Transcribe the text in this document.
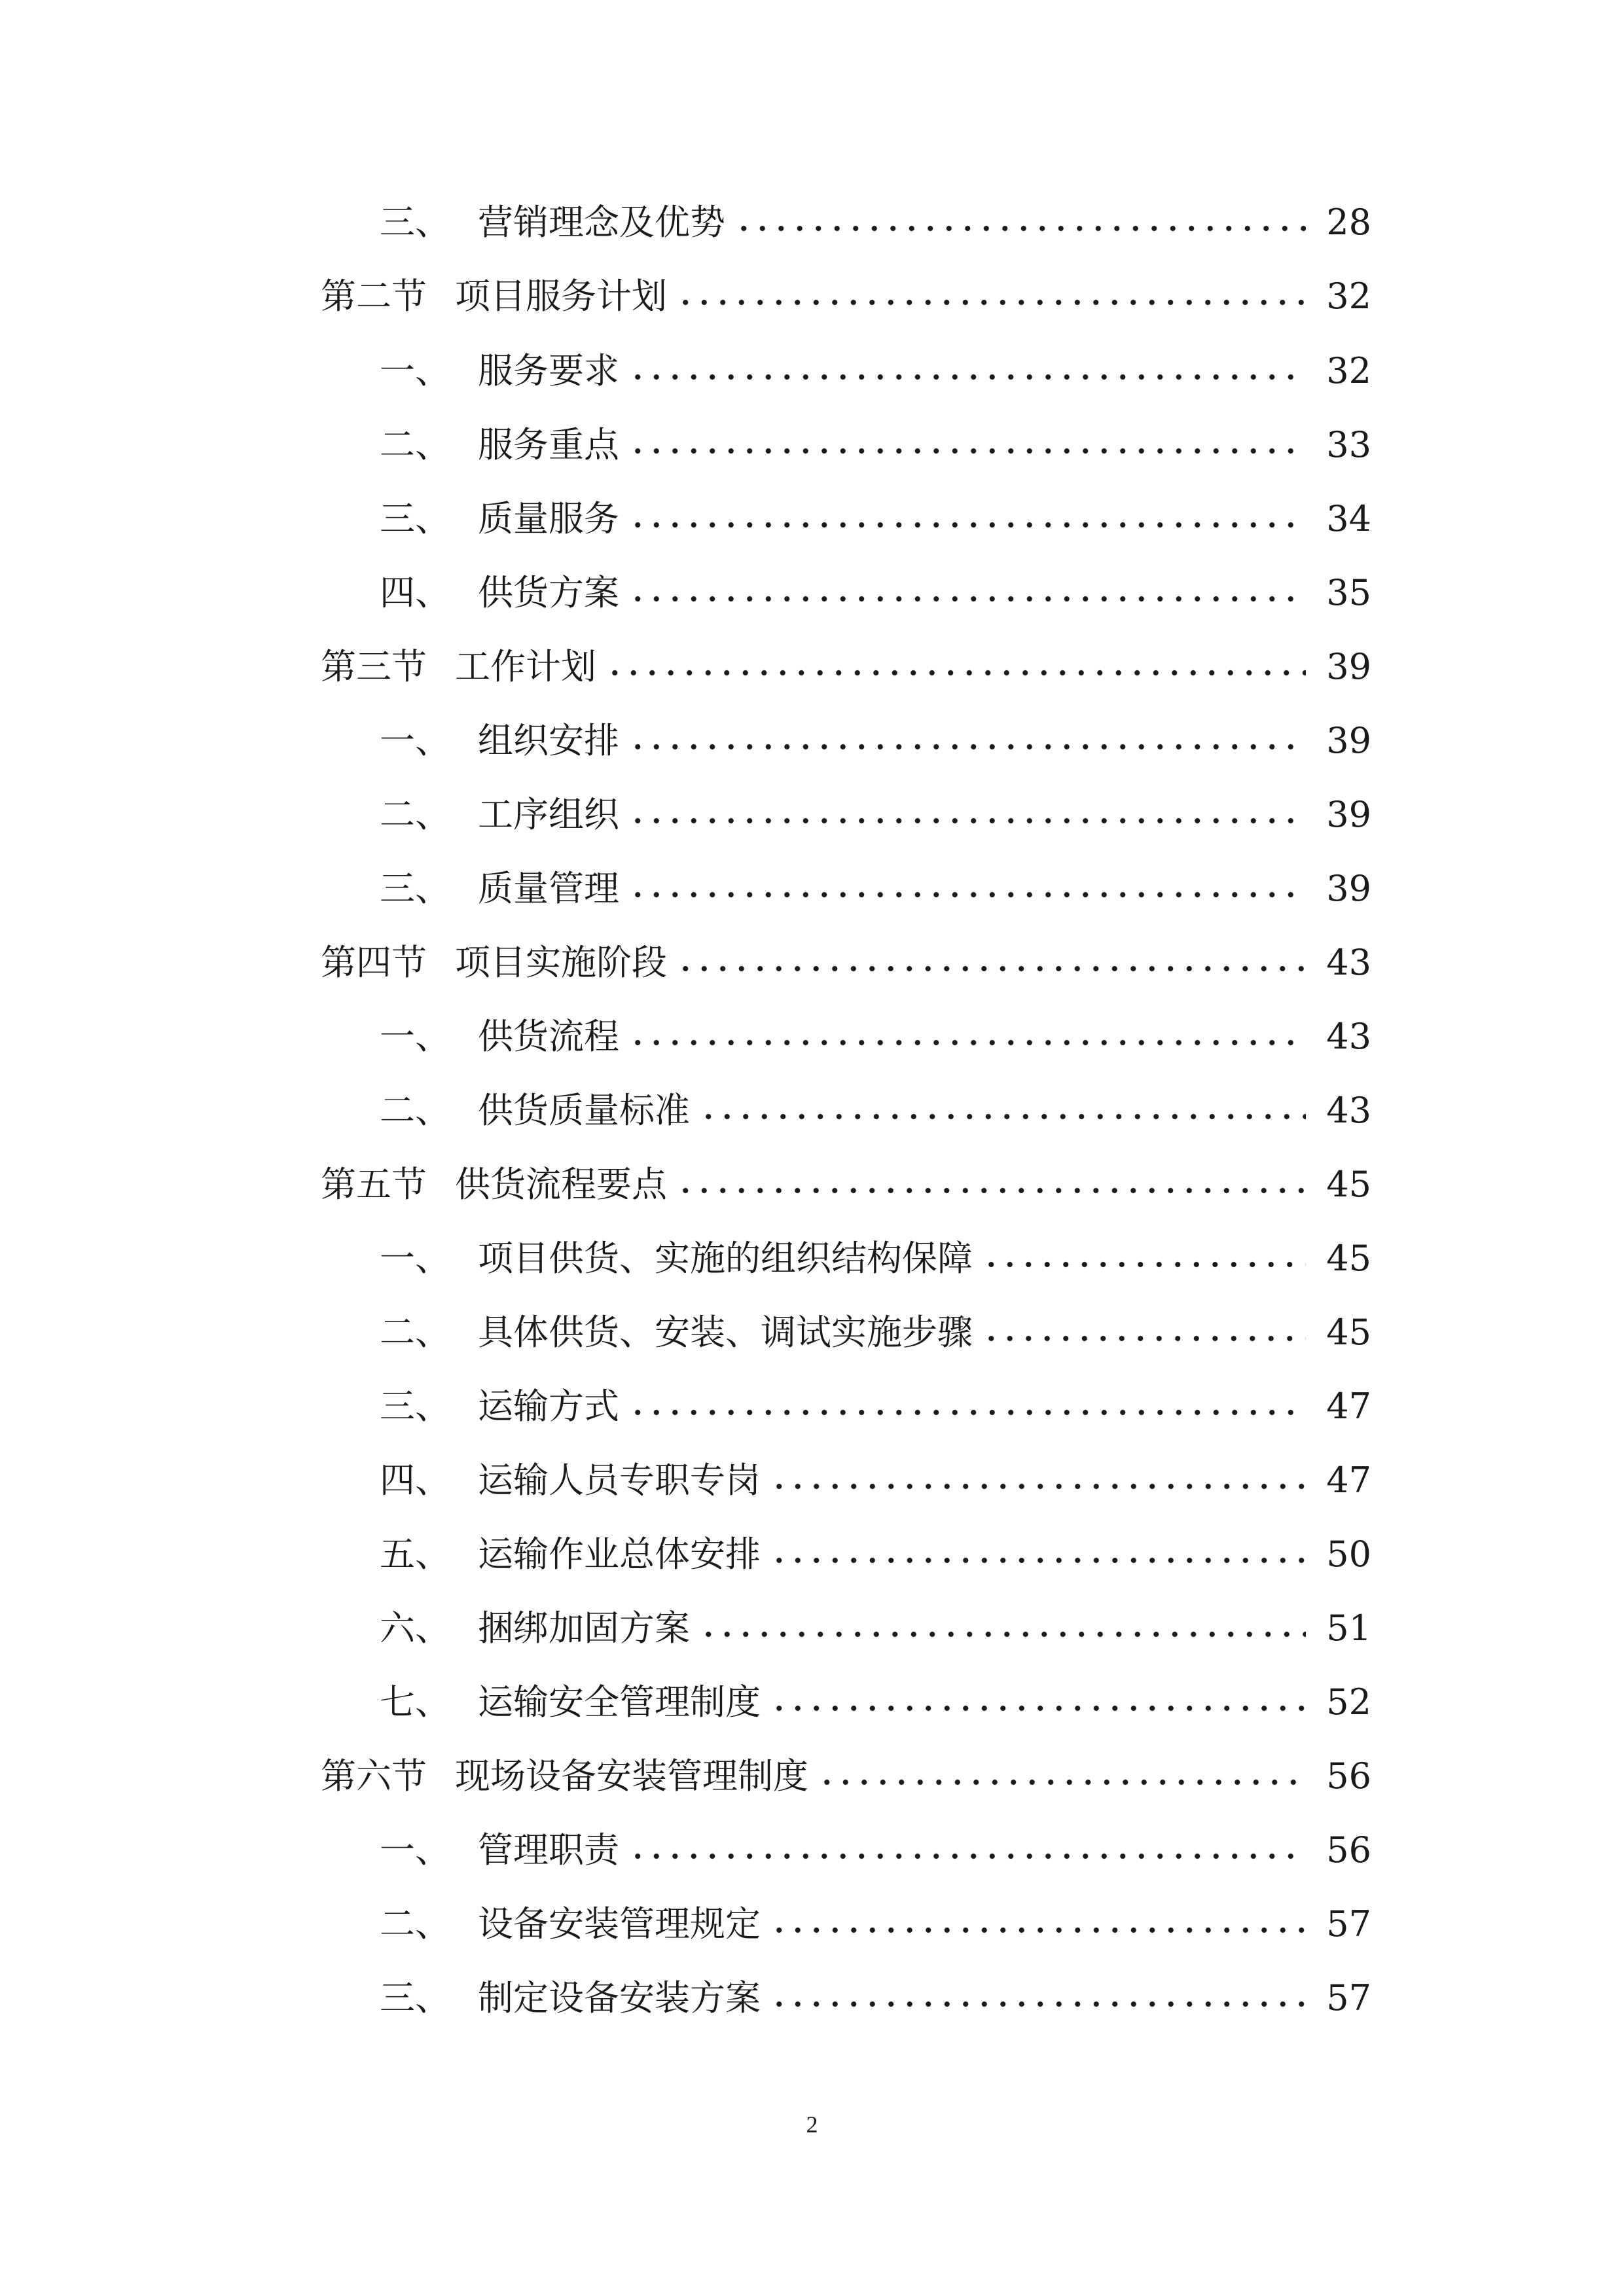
三、 营销理念及优势	28
第二节 项目服务计划	32
一、 服务要求	32
二、 服务重点	33
三、 质量服务	34
四、 供货方案	35
第三节 工作计划	39
一、 组织安排	39
二、 工序组织	39
三、 质量管理	39
第四节 项目实施阶段	43
一、 供货流程	43
二、 供货质量标准	43
第五节 供货流程要点	45
一、 项目供货、实施的组织结构保障	45
二、 具体供货、安装、调试实施步骤	45
三、 运输方式	47
四、 运输人员专职专岗	47
五、 运输作业总体安排	50
六、 捆绑加固方案	51
七、 运输安全管理制度	52
第六节 现场设备安装管理制度	56
一、 管理职责	56
二、 设备安装管理规定	57
三、 制定设备安装方案	57
2
